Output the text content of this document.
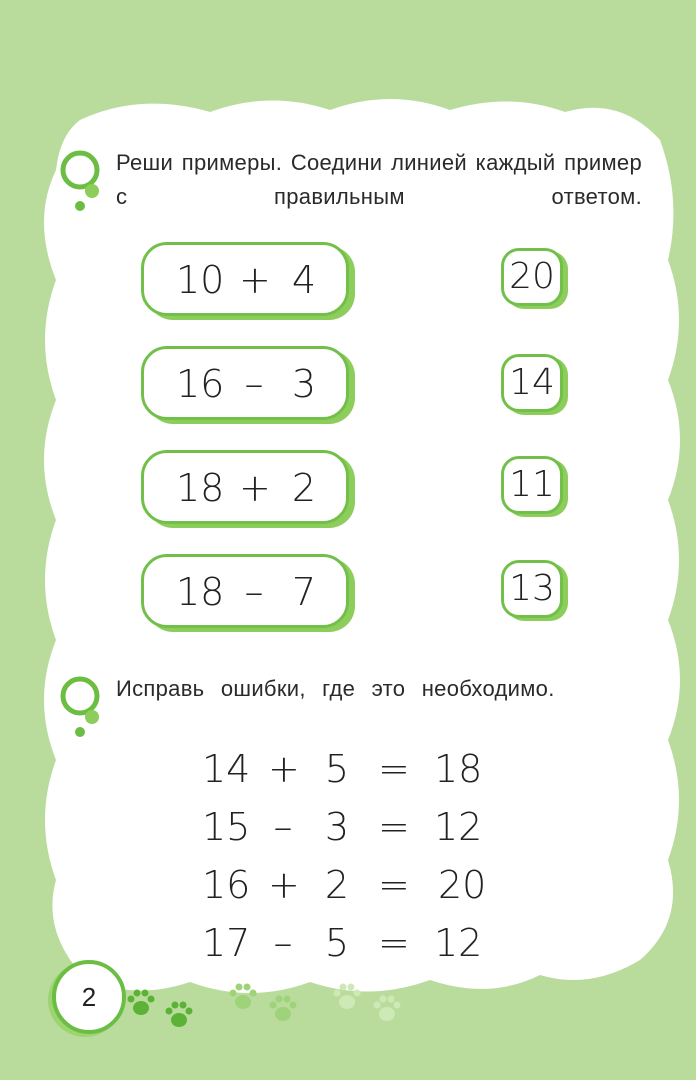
Реши примеры. Соедини линией каждый пример с правильным ответом.

10 + 4
16 – 3
18 + 2
18 – 7
20
14
11
13

Исправь ошибки, где это необходимо.

14 + 5 = 18
15 – 3 = 12
16 + 2 = 20
17 – 5 = 12
2
